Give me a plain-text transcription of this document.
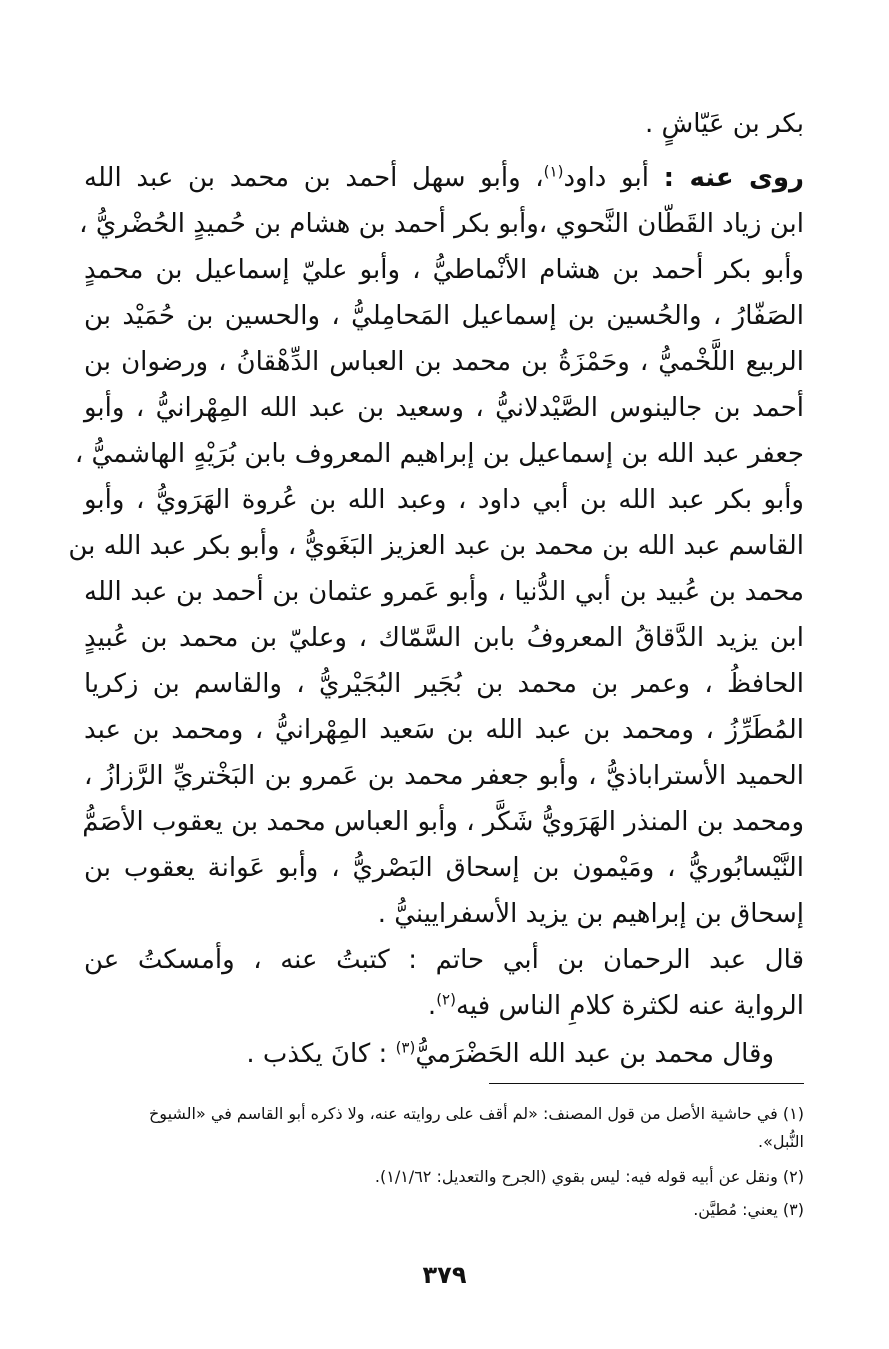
بكر بن عَيّاشٍ .
روى عنه : أبو داود$^{(١)}$، وأبو سهل أحمد بن محمد بن عبد الله
ابن زياد القَطّان النَّحوي ،وأبو بكر أحمد بن هشام بن حُميدٍ الحُضْريُّ ،
وأبو بكر أحمد بن هشام الأنْماطيُّ ، وأبو عليّ إسماعيل بن محمدٍ
الصَفّارُ ، والحُسين بن إسماعيل المَحامِليُّ ، والحسين بن حُمَيْد بن
الربيع اللَّخْميُّ ، وحَمْزَةُ بن محمد بن العباس الدِّهْقانُ ، ورضوان بن
أحمد بن جالينوس الصَّيْدلانيُّ ، وسعيد بن عبد الله المِهْرانيُّ ، وأبو
جعفر عبد الله بن إسماعيل بن إبراهيم المعروف بابن بُرَيْهٍ الهاشميُّ ،
وأبو بكر عبد الله بن أبي داود ، وعبد الله بن عُروة الهَرَويُّ ، وأبو
القاسم عبد الله بن محمد بن عبد العزيز البَغَويُّ ، وأبو بكر عبد الله بن
محمد بن عُبيد بن أبي الدُّنيا ، وأبو عَمرو عثمان بن أحمد بن عبد الله
ابن يزيد الدَّقاقُ المعروفُ بابن السَّمّاك ، وعليّ بن محمد بن عُبيدٍ
الحافظُ ، وعمر بن محمد بن بُجَير البُجَيْريُّ ، والقاسم بن زكريا
المُطَرِّزُ ، ومحمد بن عبد الله بن سَعيد المِهْرانيُّ ، ومحمد بن عبد
الحميد الأستراباذيُّ ، وأبو جعفر محمد بن عَمرو بن البَخْتريِّ الرَّزازُ ،
ومحمد بن المنذر الهَرَويُّ شَكَّر ، وأبو العباس محمد بن يعقوب الأصَمُّ
النَّيْسابُوريُّ ، ومَيْمون بن إسحاق البَصْريُّ ، وأبو عَوانة يعقوب بن
إسحاق بن إبراهيم بن يزيد الأسفرايينيُّ .
قال عبد الرحمان بن أبي حاتم : كتبتُ عنه ، وأمسكتُ عن
الرواية عنه لكثرة كلامِ الناس فيه$^{(٢)}$.
وقال محمد بن عبد الله الحَضْرَميُّ$^{(٣)}$ : كانَ يكذب .
(١) في حاشية الأصل من قول المصنف: «لم أقف على روايته عنه، ولا ذكره أبو القاسم في «الشيوخ
النُّبل».
(٢) ونقل عن أبيه قوله فيه: ليس بقوي (الجرح والتعديل: ١/١/٦٢).
(٣) يعني: مُطيَّن.
٣٧٩
